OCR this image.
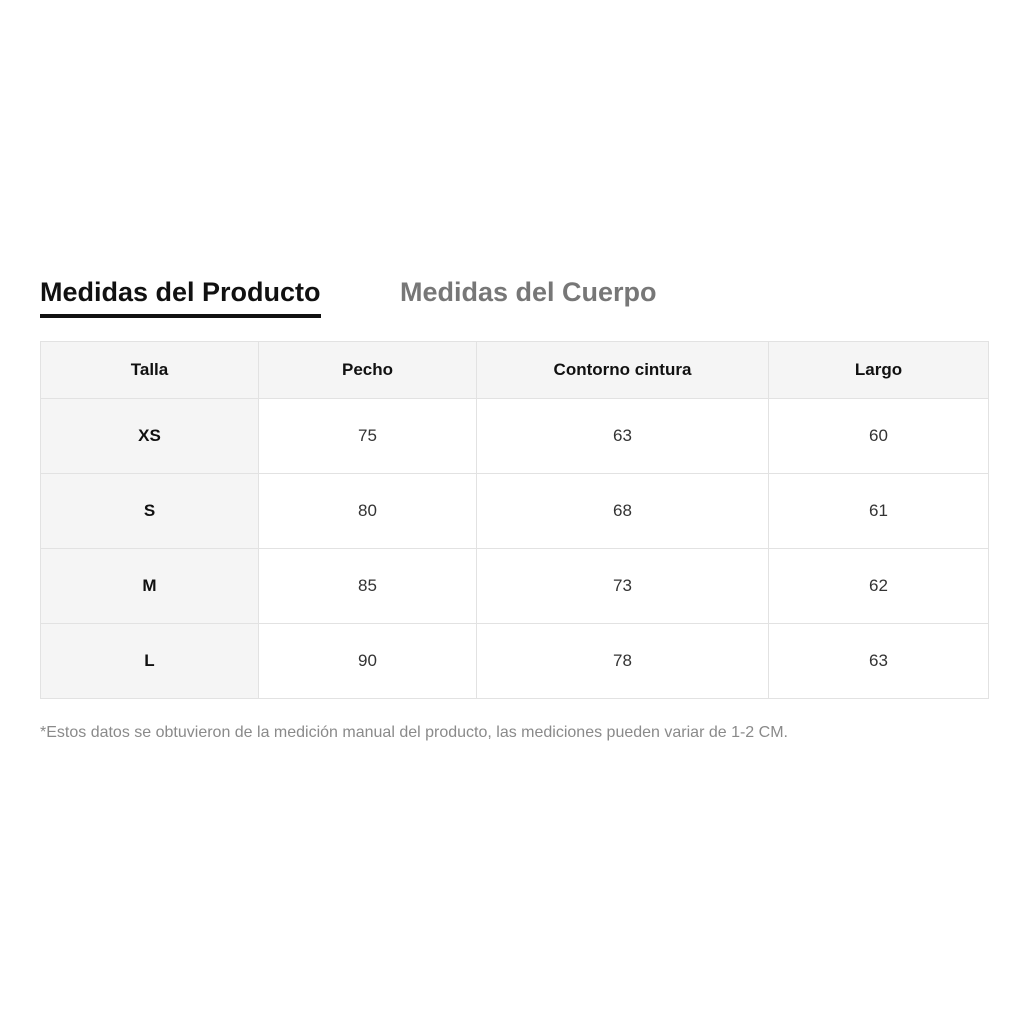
Medidas del Producto	Medidas del Cuerpo
Talla	Pecho	Contorno cintura	Largo
XS	75	63	60
S	80	68	61
M	85	73	62
L	90	78	63
*Estos datos se obtuvieron de la medición manual del producto, las mediciones pueden variar de 1-2 CM.
